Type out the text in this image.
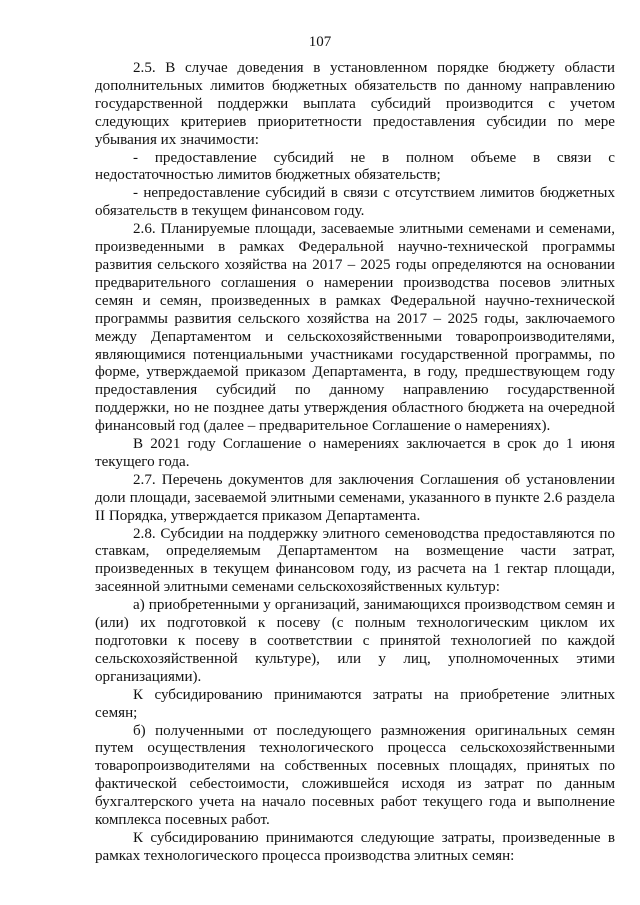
107

2.5. В случае доведения в установленном порядке бюджету области дополнительных лимитов бюджетных обязательств по данному направлению государственной поддержки выплата субсидий производится с учетом следующих критериев приоритетности предоставления субсидии по мере убывания их значимости:

- предоставление субсидий не в полном объеме в связи с недостаточностью лимитов бюджетных обязательств;

- непредоставление субсидий в связи с отсутствием лимитов бюджетных обязательств в текущем финансовом году.

2.6. Планируемые площади, засеваемые элитными семенами и семенами, произведенными в рамках Федеральной научно-технической программы развития сельского хозяйства на 2017 – 2025 годы определяются на основании предварительного соглашения о намерении производства посевов элитных семян и семян, произведенных в рамках Федеральной научно-технической программы развития сельского хозяйства на 2017 – 2025 годы, заключаемого между Департаментом и сельскохозяйственными товаропроизводителями, являющимися потенциальными участниками государственной программы, по форме, утверждаемой приказом Департамента, в году, предшествующем году предоставления субсидий по данному направлению государственной поддержки, но не позднее даты утверждения областного бюджета на очередной финансовый год (далее – предварительное Соглашение о намерениях).

В 2021 году Соглашение о намерениях заключается в срок до 1 июня текущего года.

2.7. Перечень документов для заключения Соглашения об установлении доли площади, засеваемой элитными семенами, указанного в пункте 2.6 раздела II Порядка, утверждается приказом Департамента.

2.8. Субсидии на поддержку элитного семеноводства предоставляются по ставкам, определяемым Департаментом на возмещение части затрат, произведенных в текущем финансовом году, из расчета на 1 гектар площади, засеянной элитными семенами сельскохозяйственных культур:

а) приобретенными у организаций, занимающихся производством семян и (или) их подготовкой к посеву (с полным технологическим циклом их подготовки к посеву в соответствии с принятой технологией по каждой сельскохозяйственной культуре), или у лиц, уполномоченных этими организациями).

К субсидированию принимаются затраты на приобретение элитных семян;

б) полученными от последующего размножения оригинальных семян путем осуществления технологического процесса сельскохозяйственными товаропроизводителями на собственных посевных площадях, принятых по фактической себестоимости, сложившейся исходя из затрат по данным бухгалтерского учета на начало посевных работ текущего года и выполнение комплекса посевных работ.

К субсидированию принимаются следующие затраты, произведенные в рамках технологического процесса производства элитных семян:
